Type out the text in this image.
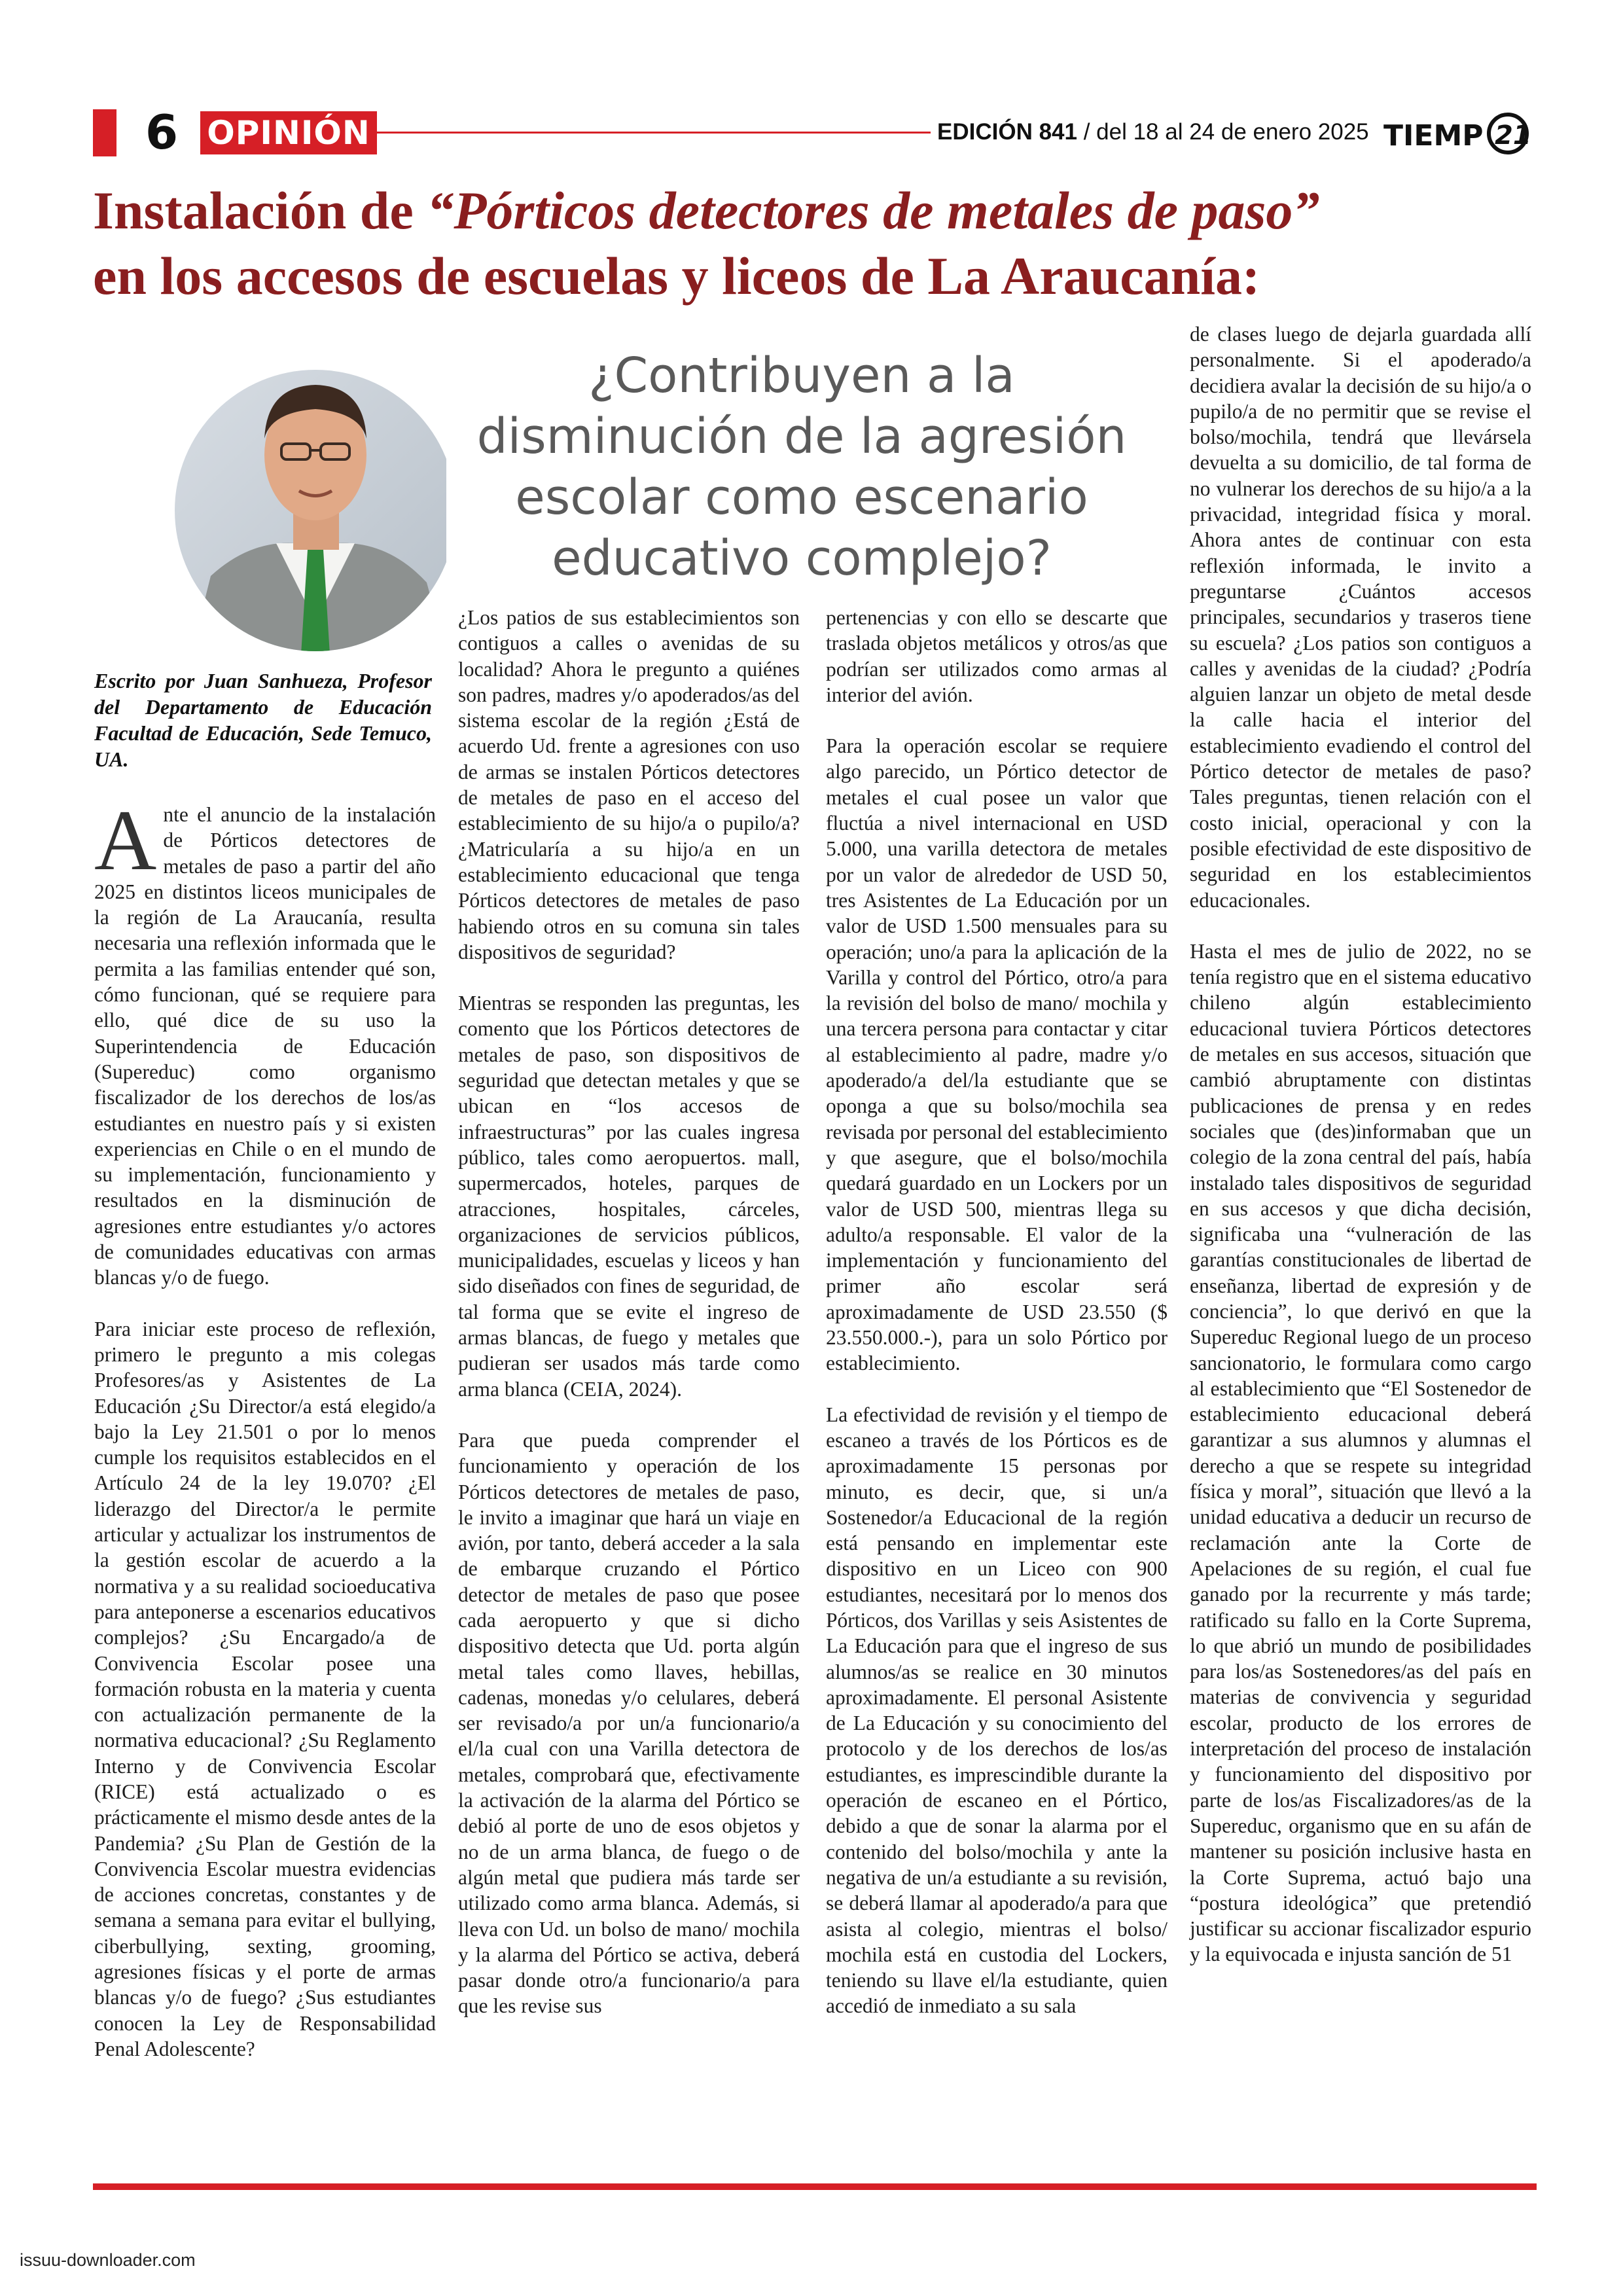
6 OPINIÓN	EDICIÓN 841 / del 18 al 24 de enero 2025 TIEMP 21
Instalación de “Pórticos detectores de metales de paso”
en los accesos de escuelas y liceos de La Araucanía:
¿Contribuyen a la disminución de la agresión escolar como escenario educativo complejo?
Escrito por Juan Sanhueza, Profesor del Departamento de Educación Facultad de Educación, Sede Temuco, UA.

Ante el anuncio de la instalación de Pórticos detectores de metales de paso a partir del año 2025 en distintos liceos municipales de la región de La Araucanía, resulta necesaria una reflexión informada que le permita a las familias entender qué son, cómo funcionan, qué se requiere para ello, qué dice de su uso la Superintendencia de Educación (Supereduc) como organismo fiscalizador de los derechos de los/as estudiantes en nuestro país y si existen experiencias en Chile o en el mundo de su implementación, funcionamiento y resultados en la disminución de agresiones entre estudiantes y/o actores de comunidades educativas con armas blancas y/o de fuego.

Para iniciar este proceso de reflexión, primero le pregunto a mis colegas Profesores/as y Asistentes de La Educación ¿Su Director/a está elegido/a bajo la Ley 21.501 o por lo menos cumple los requisitos establecidos en el Artículo 24 de la ley 19.070? ¿El liderazgo del Director/a le permite articular y actualizar los instrumentos de la gestión escolar de acuerdo a la normativa y a su realidad socioeducativa para anteponerse a escenarios educativos complejos? ¿Su Encargado/a de Convivencia Escolar posee una formación robusta en la materia y cuenta con actualización permanente de la normativa educacional? ¿Su Reglamento Interno y de Convivencia Escolar (RICE) está actualizado o es prácticamente el mismo desde antes de la Pandemia? ¿Su Plan de Gestión de la Convivencia Escolar muestra evidencias de acciones concretas, constantes y de semana a semana para evitar el bullying, ciberbullying, sexting, grooming, agresiones físicas y el porte de armas blancas y/o de fuego? ¿Sus estudiantes conocen la Ley de Responsabilidad Penal Adolescente?

¿Los patios de sus establecimientos son contiguos a calles o avenidas de su localidad? Ahora le pregunto a quiénes son padres, madres y/o apoderados/as del sistema escolar de la región ¿Está de acuerdo Ud. frente a agresiones con uso de armas se instalen Pórticos detectores de metales de paso en el acceso del establecimiento de su hijo/a o pupilo/a? ¿Matricularía a su hijo/a en un establecimiento educacional que tenga Pórticos detectores de metales de paso habiendo otros en su comuna sin tales dispositivos de seguridad?

Mientras se responden las preguntas, les comento que los Pórticos detectores de metales de paso, son dispositivos de seguridad que detectan metales y que se ubican en “los accesos de infraestructuras” por las cuales ingresa público, tales como aeropuertos. mall, supermercados, hoteles, parques de atracciones, hospitales, cárceles, organizaciones de servicios públicos, municipalidades, escuelas y liceos y han sido diseñados con fines de seguridad, de tal forma que se evite el ingreso de armas blancas, de fuego y metales que pudieran ser usados más tarde como arma blanca (CEIA, 2024).

Para que pueda comprender el funcionamiento y operación de los Pórticos detectores de metales de paso, le invito a imaginar que hará un viaje en avión, por tanto, deberá acceder a la sala de embarque cruzando el Pórtico detector de metales de paso que posee cada aeropuerto y que si dicho dispositivo detecta que Ud. porta algún metal tales como llaves, hebillas, cadenas, monedas y/o celulares, deberá ser revisado/a por un/a funcionario/a el/la cual con una Varilla detectora de metales, comprobará que, efectivamente la activación de la alarma del Pórtico se debió al porte de uno de esos objetos y no de un arma blanca, de fuego o de algún metal que pudiera más tarde ser utilizado como arma blanca. Además, si lleva con Ud. un bolso de mano/ mochila y la alarma del Pórtico se activa, deberá pasar donde otro/a funcionario/a para que les revise sus

pertenencias y con ello se descarte que traslada objetos metálicos y otros/as que podrían ser utilizados como armas al interior del avión.

Para la operación escolar se requiere algo parecido, un Pórtico detector de metales el cual posee un valor que fluctúa a nivel internacional en USD 5.000, una varilla detectora de metales por un valor de alrededor de USD 50, tres Asistentes de La Educación por un valor de USD 1.500 mensuales para su operación; uno/a para la aplicación de la Varilla y control del Pórtico, otro/a para la revisión del bolso de mano/ mochila y una tercera persona para contactar y citar al establecimiento al padre, madre y/o apoderado/a del/la estudiante que se oponga a que su bolso/mochila sea revisada por personal del establecimiento y que asegure, que el bolso/mochila quedará guardado en un Lockers por un valor de USD 500, mientras llega su adulto/a responsable. El valor de la implementación y funcionamiento del primer año escolar será aproximadamente de USD 23.550 ($ 23.550.000.-), para un solo Pórtico por establecimiento.

La efectividad de revisión y el tiempo de escaneo a través de los Pórticos es de aproximadamente 15 personas por minuto, es decir, que, si un/a Sostenedor/a Educacional de la región está pensando en implementar este dispositivo en un Liceo con 900 estudiantes, necesitará por lo menos dos Pórticos, dos Varillas y seis Asistentes de La Educación para que el ingreso de sus alumnos/as se realice en 30 minutos aproximadamente. El personal Asistente de La Educación y su conocimiento del protocolo y de los derechos de los/as estudiantes, es imprescindible durante la operación de escaneo en el Pórtico, debido a que de sonar la alarma por el contenido del bolso/mochila y ante la negativa de un/a estudiante a su revisión, se deberá llamar al apoderado/a para que asista al colegio, mientras el bolso/ mochila está en custodia del Lockers, teniendo su llave el/la estudiante, quien accedió de inmediato a su sala

de clases luego de dejarla guardada allí personalmente. Si el apoderado/a decidiera avalar la decisión de su hijo/a o pupilo/a de no permitir que se revise el bolso/mochila, tendrá que llevársela devuelta a su domicilio, de tal forma de no vulnerar los derechos de su hijo/a a la privacidad, integridad física y moral. Ahora antes de continuar con esta reflexión informada, le invito a preguntarse ¿Cuántos accesos principales, secundarios y traseros tiene su escuela? ¿Los patios son contiguos a calles y avenidas de la ciudad? ¿Podría alguien lanzar un objeto de metal desde la calle hacia el interior del establecimiento evadiendo el control del Pórtico detector de metales de paso? Tales preguntas, tienen relación con el costo inicial, operacional y con la posible efectividad de este dispositivo de seguridad en los establecimientos educacionales.

Hasta el mes de julio de 2022, no se tenía registro que en el sistema educativo chileno algún establecimiento educacional tuviera Pórticos detectores de metales en sus accesos, situación que cambió abruptamente con distintas publicaciones de prensa y en redes sociales que (des)informaban que un colegio de la zona central del país, había instalado tales dispositivos de seguridad en sus accesos y que dicha decisión, significaba una “vulneración de las garantías constitucionales de libertad de enseñanza, libertad de expresión y de conciencia”, lo que derivó en que la Supereduc Regional luego de un proceso sancionatorio, le formulara como cargo al establecimiento que “El Sostenedor de establecimiento educacional deberá garantizar a sus alumnos y alumnas el derecho a que se respete su integridad física y moral”, situación que llevó a la unidad educativa a deducir un recurso de reclamación ante la Corte de Apelaciones de su región, el cual fue ganado por la recurrente y más tarde; ratificado su fallo en la Corte Suprema, lo que abrió un mundo de posibilidades para los/as Sostenedores/as del país en materias de convivencia y seguridad escolar, producto de los errores de interpretación del proceso de instalación y funcionamiento del dispositivo por parte de los/as Fiscalizadores/as de la Supereduc, organismo que en su afán de mantener su posición inclusive hasta en la Corte Suprema, actuó bajo una “postura ideológica” que pretendió justificar su accionar fiscalizador espurio y la equivocada e injusta sanción de 51

issuu-downloader.com
